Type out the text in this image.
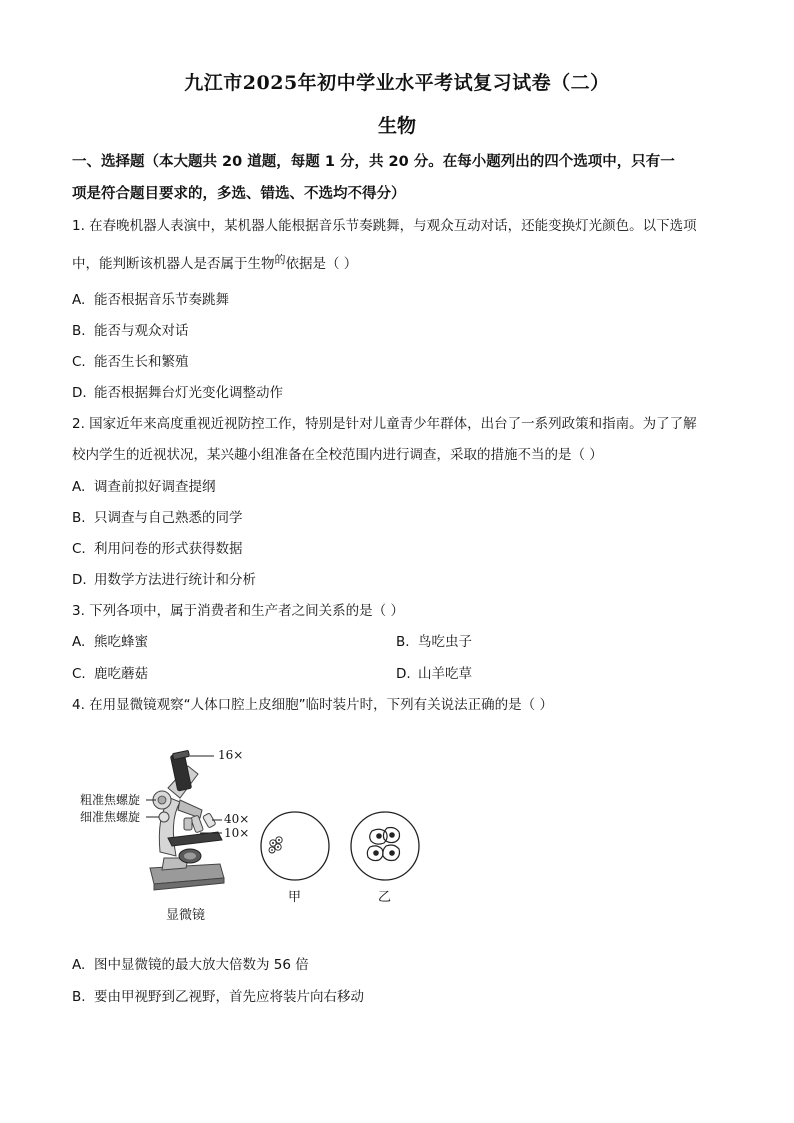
九江市2025年初中学业水平考试复习试卷（二）
生物
一、选择题（本大题共 20 道题，每题 1 分，共 20 分。在每小题列出的四个选项中，只有一
项是符合题目要求的，多选、错选、不选均不得分）
1. 在春晚机器人表演中，某机器人能根据音乐节奏跳舞，与观众互动对话，还能变换灯光颜色。以下选项
中，能判断该机器人是否属于生物$^的$依据是（ ）
A. 能否根据音乐节奏跳舞
B. 能否与观众对话
C. 能否生长和繁殖
D. 能否根据舞台灯光变化调整动作
2. 国家近年来高度重视近视防控工作，特别是针对儿童青少年群体，出台了一系列政策和指南。为了了解
校内学生的近视状况，某兴趣小组准备在全校范围内进行调查，采取的措施不当的是（ ）
A. 调查前拟好调查提纲
B. 只调查与自己熟悉的同学
C. 利用问卷的形式获得数据
D. 用数学方法进行统计和分析
3. 下列各项中，属于消费者和生产者之间关系的是（ ）
A. 熊吃蜂蜜	B. 鸟吃虫子
C. 鹿吃蘑菇	D. 山羊吃草
4. 在用显微镜观察“人体口腔上皮细胞”临时装片时，下列有关说法正确的是（ ）
16×
粗准焦螺旋
细准焦螺旋	40×
10×
显微镜
甲	乙
A. 图中显微镜的最大放大倍数为 56 倍
B. 要由甲视野到乙视野，首先应将装片向右移动
